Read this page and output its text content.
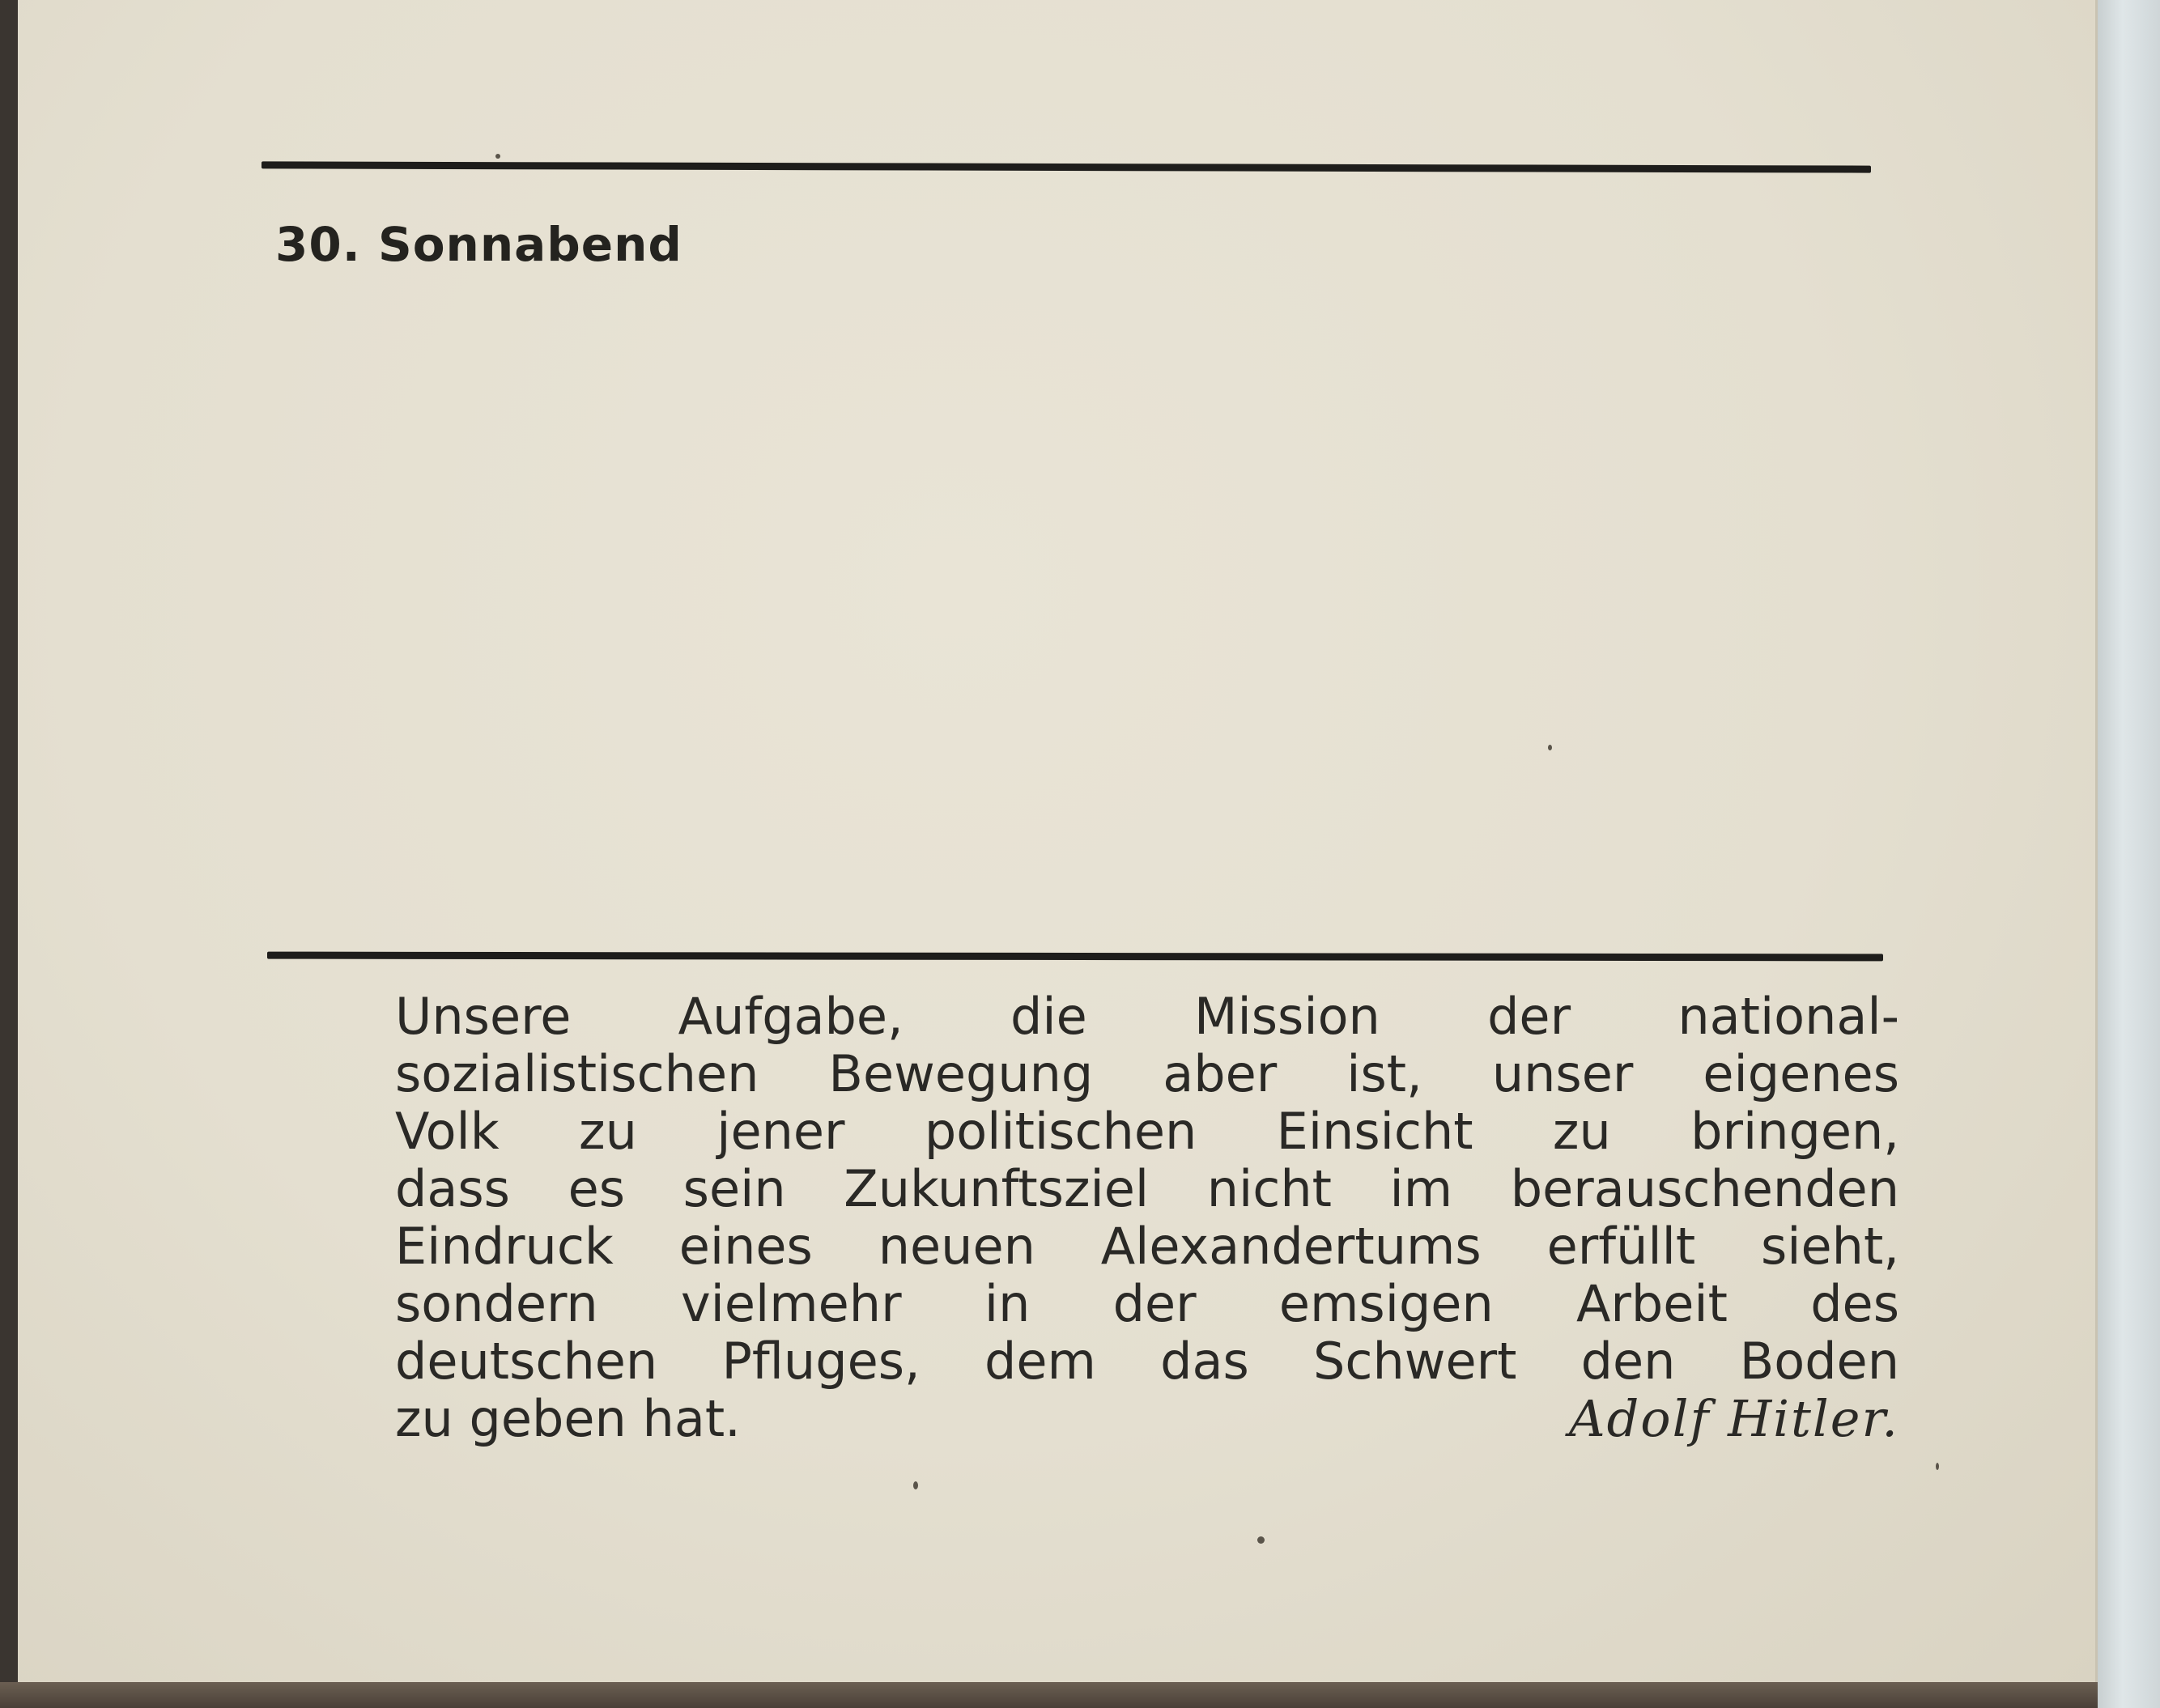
30. Sonnabend
Unsere Aufgabe, die Mission der national-
sozialistischen Bewegung aber ist, unser eigenes
Volk zu jener politischen Einsicht zu bringen,
dass es sein Zukunftsziel nicht im berauschenden
Eindruck eines neuen Alexandertums erfüllt sieht,
sondern vielmehr in der emsigen Arbeit des
deutschen Pfluges, dem das Schwert den Boden
zu geben hat.	Adolf Hitler.
